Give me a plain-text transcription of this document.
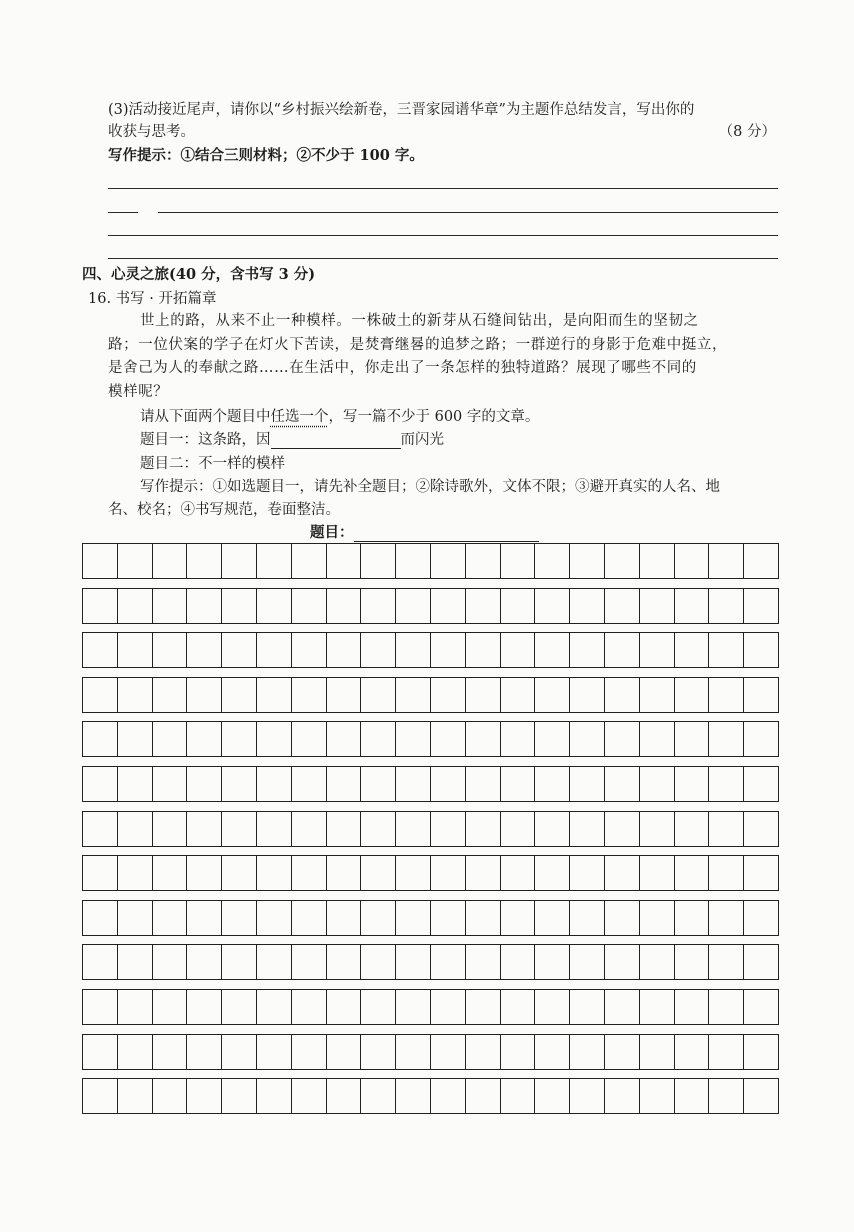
(3)活动接近尾声，请你以“乡村振兴绘新卷，三晋家园谱华章”为主题作总结发言，写出你的
收获与思考。	（8 分）
写作提示：①结合三则材料；②不少于 100 字。
四、心灵之旅(40 分，含书写 3 分)
16. 书写 · 开拓篇章
世上的路，从来不止一种模样。一株破土的新芽从石缝间钻出，是向阳而生的坚韧之
路；一位伏案的学子在灯火下苦读，是焚膏继晷的追梦之路；一群逆行的身影于危难中挺立，
是舍己为人的奉献之路……在生活中，你走出了一条怎样的独特道路？展现了哪些不同的
模样呢？
请从下面两个题目中任选一个，写一篇不少于 600 字的文章。
题目一：这条路，因	而闪光
题目二：不一样的模样
写作提示：①如选题目一，请先补全题目；②除诗歌外，文体不限；③避开真实的人名、地
名、校名；④书写规范，卷面整洁。
题目：
